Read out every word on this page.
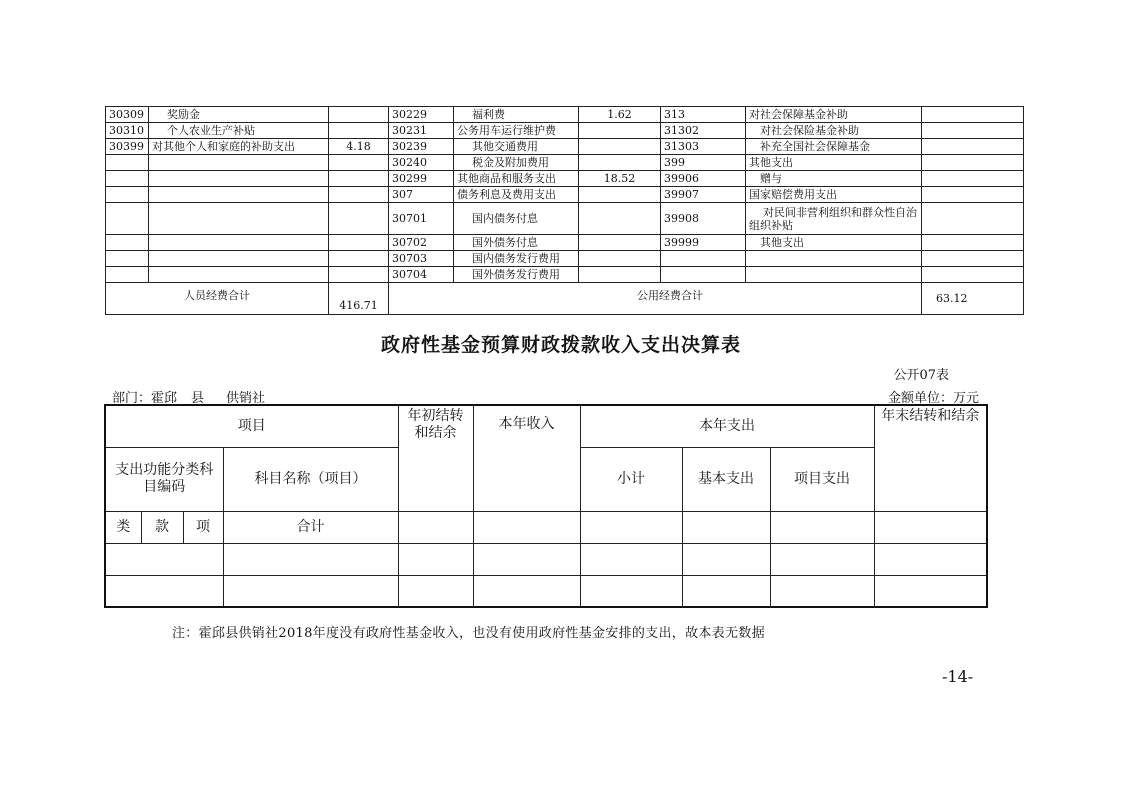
30309	奖励金		30229	福利费	1.62	313	对社会保障基金补助	
30310	个人农业生产补贴		30231	公务用车运行维护费		31302	对社会保险基金补助	
30399	对其他个人和家庭的补助支出	4.18	30239	其他交通费用		31303	补充全国社会保障基金	
			30240	税金及附加费用		399	其他支出	
			30299	其他商品和服务支出	18.52	39906	赠与	
			307	债务利息及费用支出		39907	国家赔偿费用支出	
			30701	国内债务付息		39908	对民间非营利组织和群众性自治组织补贴	
			30702	国外债务付息		39999	其他支出	
			30703	国内债务发行费用				
			30704	国外债务发行费用				
人员经费合计		416.71	公用经费合计					63.12
政府性基金预算财政拨款收入支出决算表
公开07表
部门：霍邱 县 供销社	金额单位：万元
项目				年初结转和结余	本年收入	本年支出			年末结转和结余
支出功能分类科目编码			科目名称（项目）			小计	基本支出	项目支出	
类	款	项	合计						

注：霍邱县供销社2018年度没有政府性基金收入，也没有使用政府性基金安排的支出，故本表无数据
-14-
